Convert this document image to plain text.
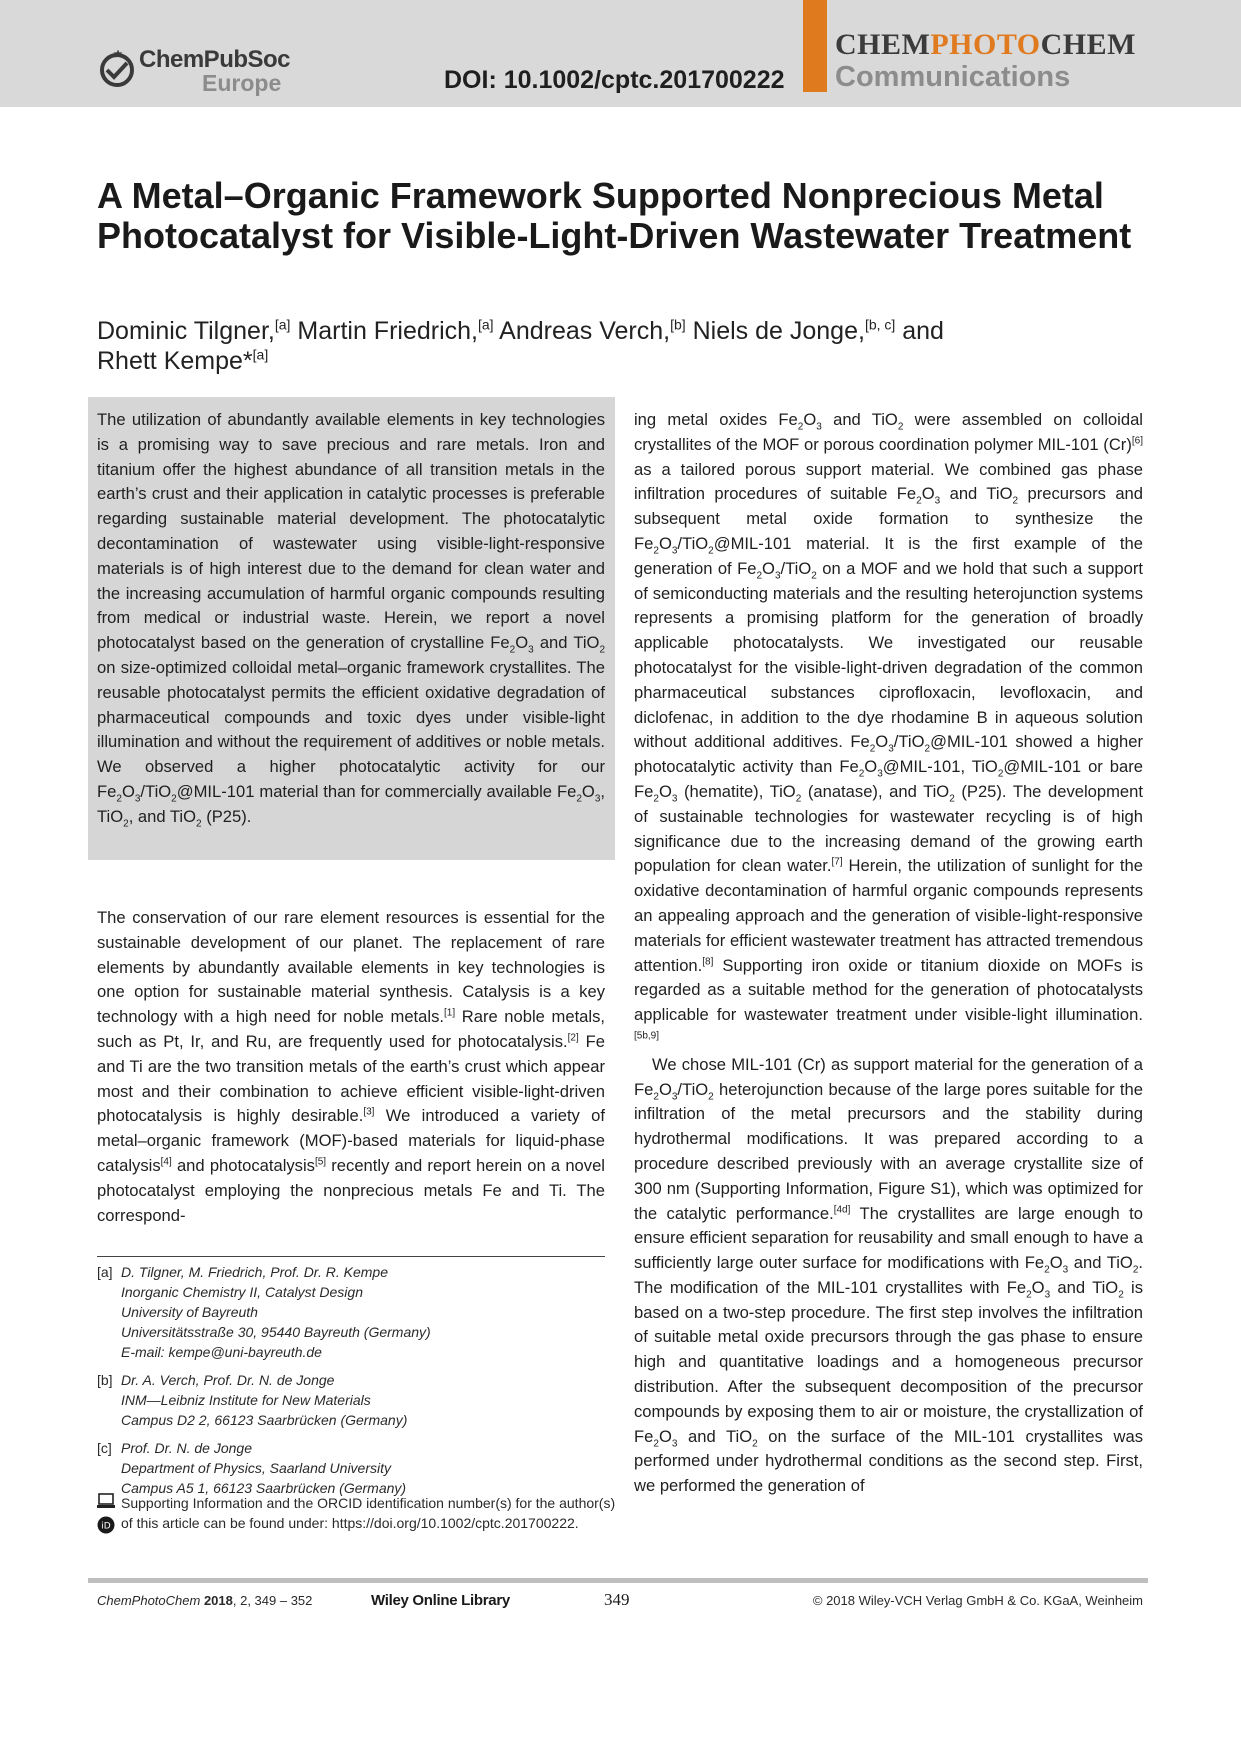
ChemPubSoc
Europe	DOI: 10.1002/cptc.201700222
CHEMPHOTOCHEM
Communications
A Metal–Organic Framework Supported Nonprecious Metal Photocatalyst for Visible-Light-Driven Wastewater Treatment
Dominic Tilgner,[a] Martin Friedrich,[a] Andreas Verch,[b] Niels de Jonge,[b, c] and
Rhett Kempe*[a]

The utilization of abundantly available elements in key technologies is a promising way to save precious and rare metals. Iron and titanium offer the highest abundance of all transition metals in the earth’s crust and their application in catalytic processes is preferable regarding sustainable material development. The photocatalytic decontamination of wastewater using visible-light-responsive materials is of high interest due to the demand for clean water and the increasing accumulation of harmful organic compounds resulting from medical or industrial waste. Herein, we report a novel photocatalyst based on the generation of crystalline $Fe_2O_3$ and TiO$_2$ on size-optimized colloidal metal–organic framework crystallites. The reusable photocatalyst permits the efficient oxidative degradation of pharmaceutical compounds and toxic dyes under visible-light illumination and without the requirement of additives or noble metals. We observed a higher photocatalytic activity for our $Fe_2O_3/TiO_2@MIL-101$ material than for commercially available $Fe_2O_3$, TiO$_2$, and TiO$_2$ (P25).

The conservation of our rare element resources is essential for the sustainable development of our planet. The replacement of rare elements by abundantly available elements in key technologies is one option for sustainable material synthesis. Catalysis is a key technology with a high need for noble metals.[1] Rare noble metals, such as Pt, Ir, and Ru, are frequently used for photocatalysis.[2] Fe and Ti are the two transition metals of the earth’s crust which appear most and their combination to achieve efficient visible-light-driven photocatalysis is highly desirable.[3] We introduced a variety of metal–organic framework (MOF)-based materials for liquid-phase catalysis[4] and photocatalysis[5] recently and report herein on a novel photocatalyst employing the nonprecious metals Fe and Ti. The correspond-

ing metal oxides $Fe_2O_3$ and TiO$_2$ were assembled on colloidal crystallites of the MOF or porous coordination polymer MIL-101 (Cr)[6] as a tailored porous support material. We combined gas phase infiltration procedures of suitable $Fe_2O_3$ and TiO$_2$ precursors and subsequent metal oxide formation to synthesize the $Fe_2O_3/TiO_2@MIL-101$ material. It is the first example of the generation of $Fe_2O_3/TiO_2$ on a MOF and we hold that such a support of semiconducting materials and the resulting heterojunction systems represents a promising platform for the generation of broadly applicable photocatalysts. We investigated our reusable photocatalyst for the visible-light-driven degradation of the common pharmaceutical substances ciprofloxacin, levofloxacin, and diclofenac, in addition to the dye rhodamine B in aqueous solution without additional additives. $Fe_2O_3/TiO_2@MIL-101$ showed a higher photocatalytic activity than $Fe_2O_3@MIL-101$, TiO$_2$@MIL-101 or bare $Fe_2O_3$ (hematite), TiO$_2$ (anatase), and TiO$_2$ (P25). The development of sustainable technologies for wastewater recycling is of high significance due to the increasing demand of the growing earth population for clean water.[7] Herein, the utilization of sunlight for the oxidative decontamination of harmful organic compounds represents an appealing approach and the generation of visible-light-responsive materials for efficient wastewater treatment has attracted tremendous attention.[8] Supporting iron oxide or titanium dioxide on MOFs is regarded as a suitable method for the generation of photocatalysts applicable for wastewater treatment under visible-light illumination.[5b,9]

We chose MIL-101 (Cr) as support material for the generation of a $Fe_2O_3/TiO_2$ heterojunction because of the large pores suitable for the infiltration of the metal precursors and the stability during hydrothermal modifications. It was prepared according to a procedure described previously with an average crystallite size of 300 nm (Supporting Information, Figure S1), which was optimized for the catalytic performance.[4d] The crystallites are large enough to ensure efficient separation for reusability and small enough to have a sufficiently large outer surface for modifications with $Fe_2O_3$ and TiO$_2$. The modification of the MIL-101 crystallites with $Fe_2O_3$ and TiO$_2$ is based on a two-step procedure. The first step involves the infiltration of suitable metal oxide precursors through the gas phase to ensure high and quantitative loadings and a homogeneous precursor distribution. After the subsequent decomposition of the precursor compounds by exposing them to air or moisture, the crystallization of $Fe_2O_3$ and TiO$_2$ on the surface of the MIL-101 crystallites was performed under hydrothermal conditions as the second step. First, we performed the generation of

[a] D. Tilgner, M. Friedrich, Prof. Dr. R. Kempe
Inorganic Chemistry II, Catalyst Design
University of Bayreuth
Universitätsstraße 30, 95440 Bayreuth (Germany)
E-mail: kempe@uni-bayreuth.de
[b] Dr. A. Verch, Prof. Dr. N. de Jonge
INM—Leibniz Institute for New Materials
Campus D2 2, 66123 Saarbrücken (Germany)
[c] Prof. Dr. N. de Jonge
Department of Physics, Saarland University
Campus A5 1, 66123 Saarbrücken (Germany)

iD
Supporting Information and the ORCID identification number(s) for the author(s) of this article can be found under: https://doi.org/10.1002/cptc.201700222.
ChemPhotoChem 2018, 2, 349 – 352	Wiley Online Library	349	© 2018 Wiley-VCH Verlag GmbH & Co. KGaA, Weinheim
